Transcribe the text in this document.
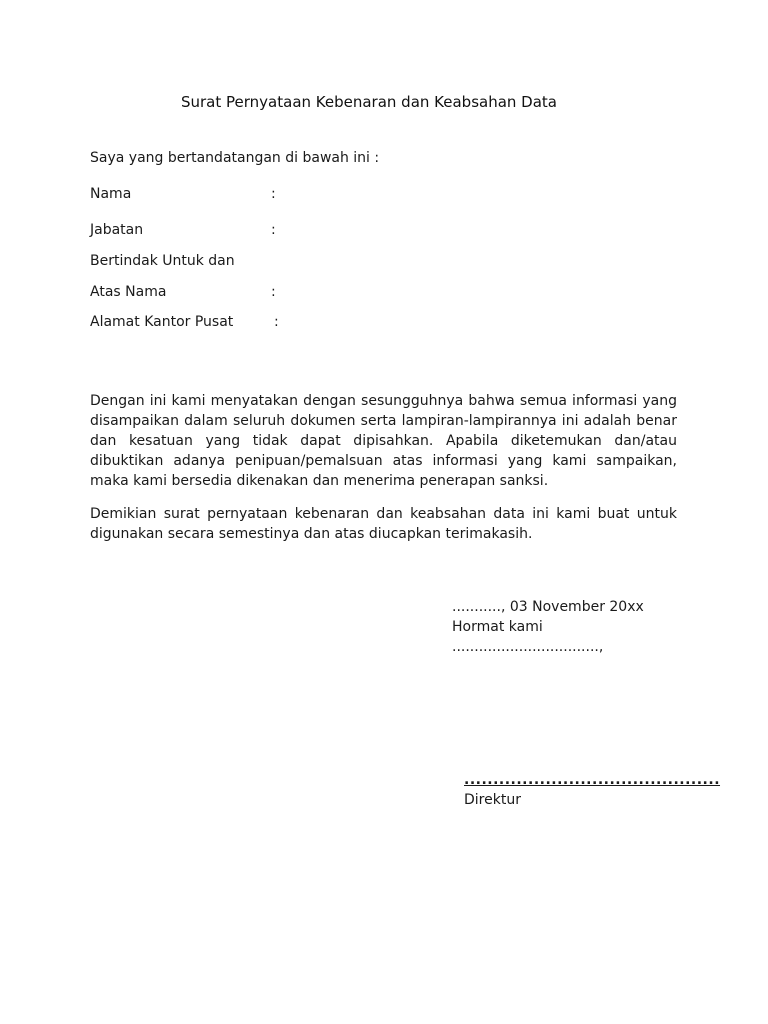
Surat Pernyataan Kebenaran dan Keabsahan Data
Saya yang bertandatangan di bawah ini :
Nama	:
Jabatan	:
Bertindak Untuk dan
Atas Nama	:
Alamat Kantor Pusat	:
Dengan ini kami menyatakan dengan sesungguhnya bahwa semua informasi yang disampaikan dalam seluruh dokumen serta lampiran-lampirannya ini adalah benar dan kesatuan yang tidak dapat dipisahkan. Apabila diketemukan dan/atau dibuktikan adanya penipuan/pemalsuan atas informasi yang kami sampaikan, maka kami bersedia dikenakan dan menerima penerapan sanksi.
Demikian surat pernyataan kebenaran dan keabsahan data ini kami buat untuk digunakan secara semestinya dan atas diucapkan terimakasih.
..........., 03 November 20xx
Hormat kami
.................................,
............................................
Direktur
